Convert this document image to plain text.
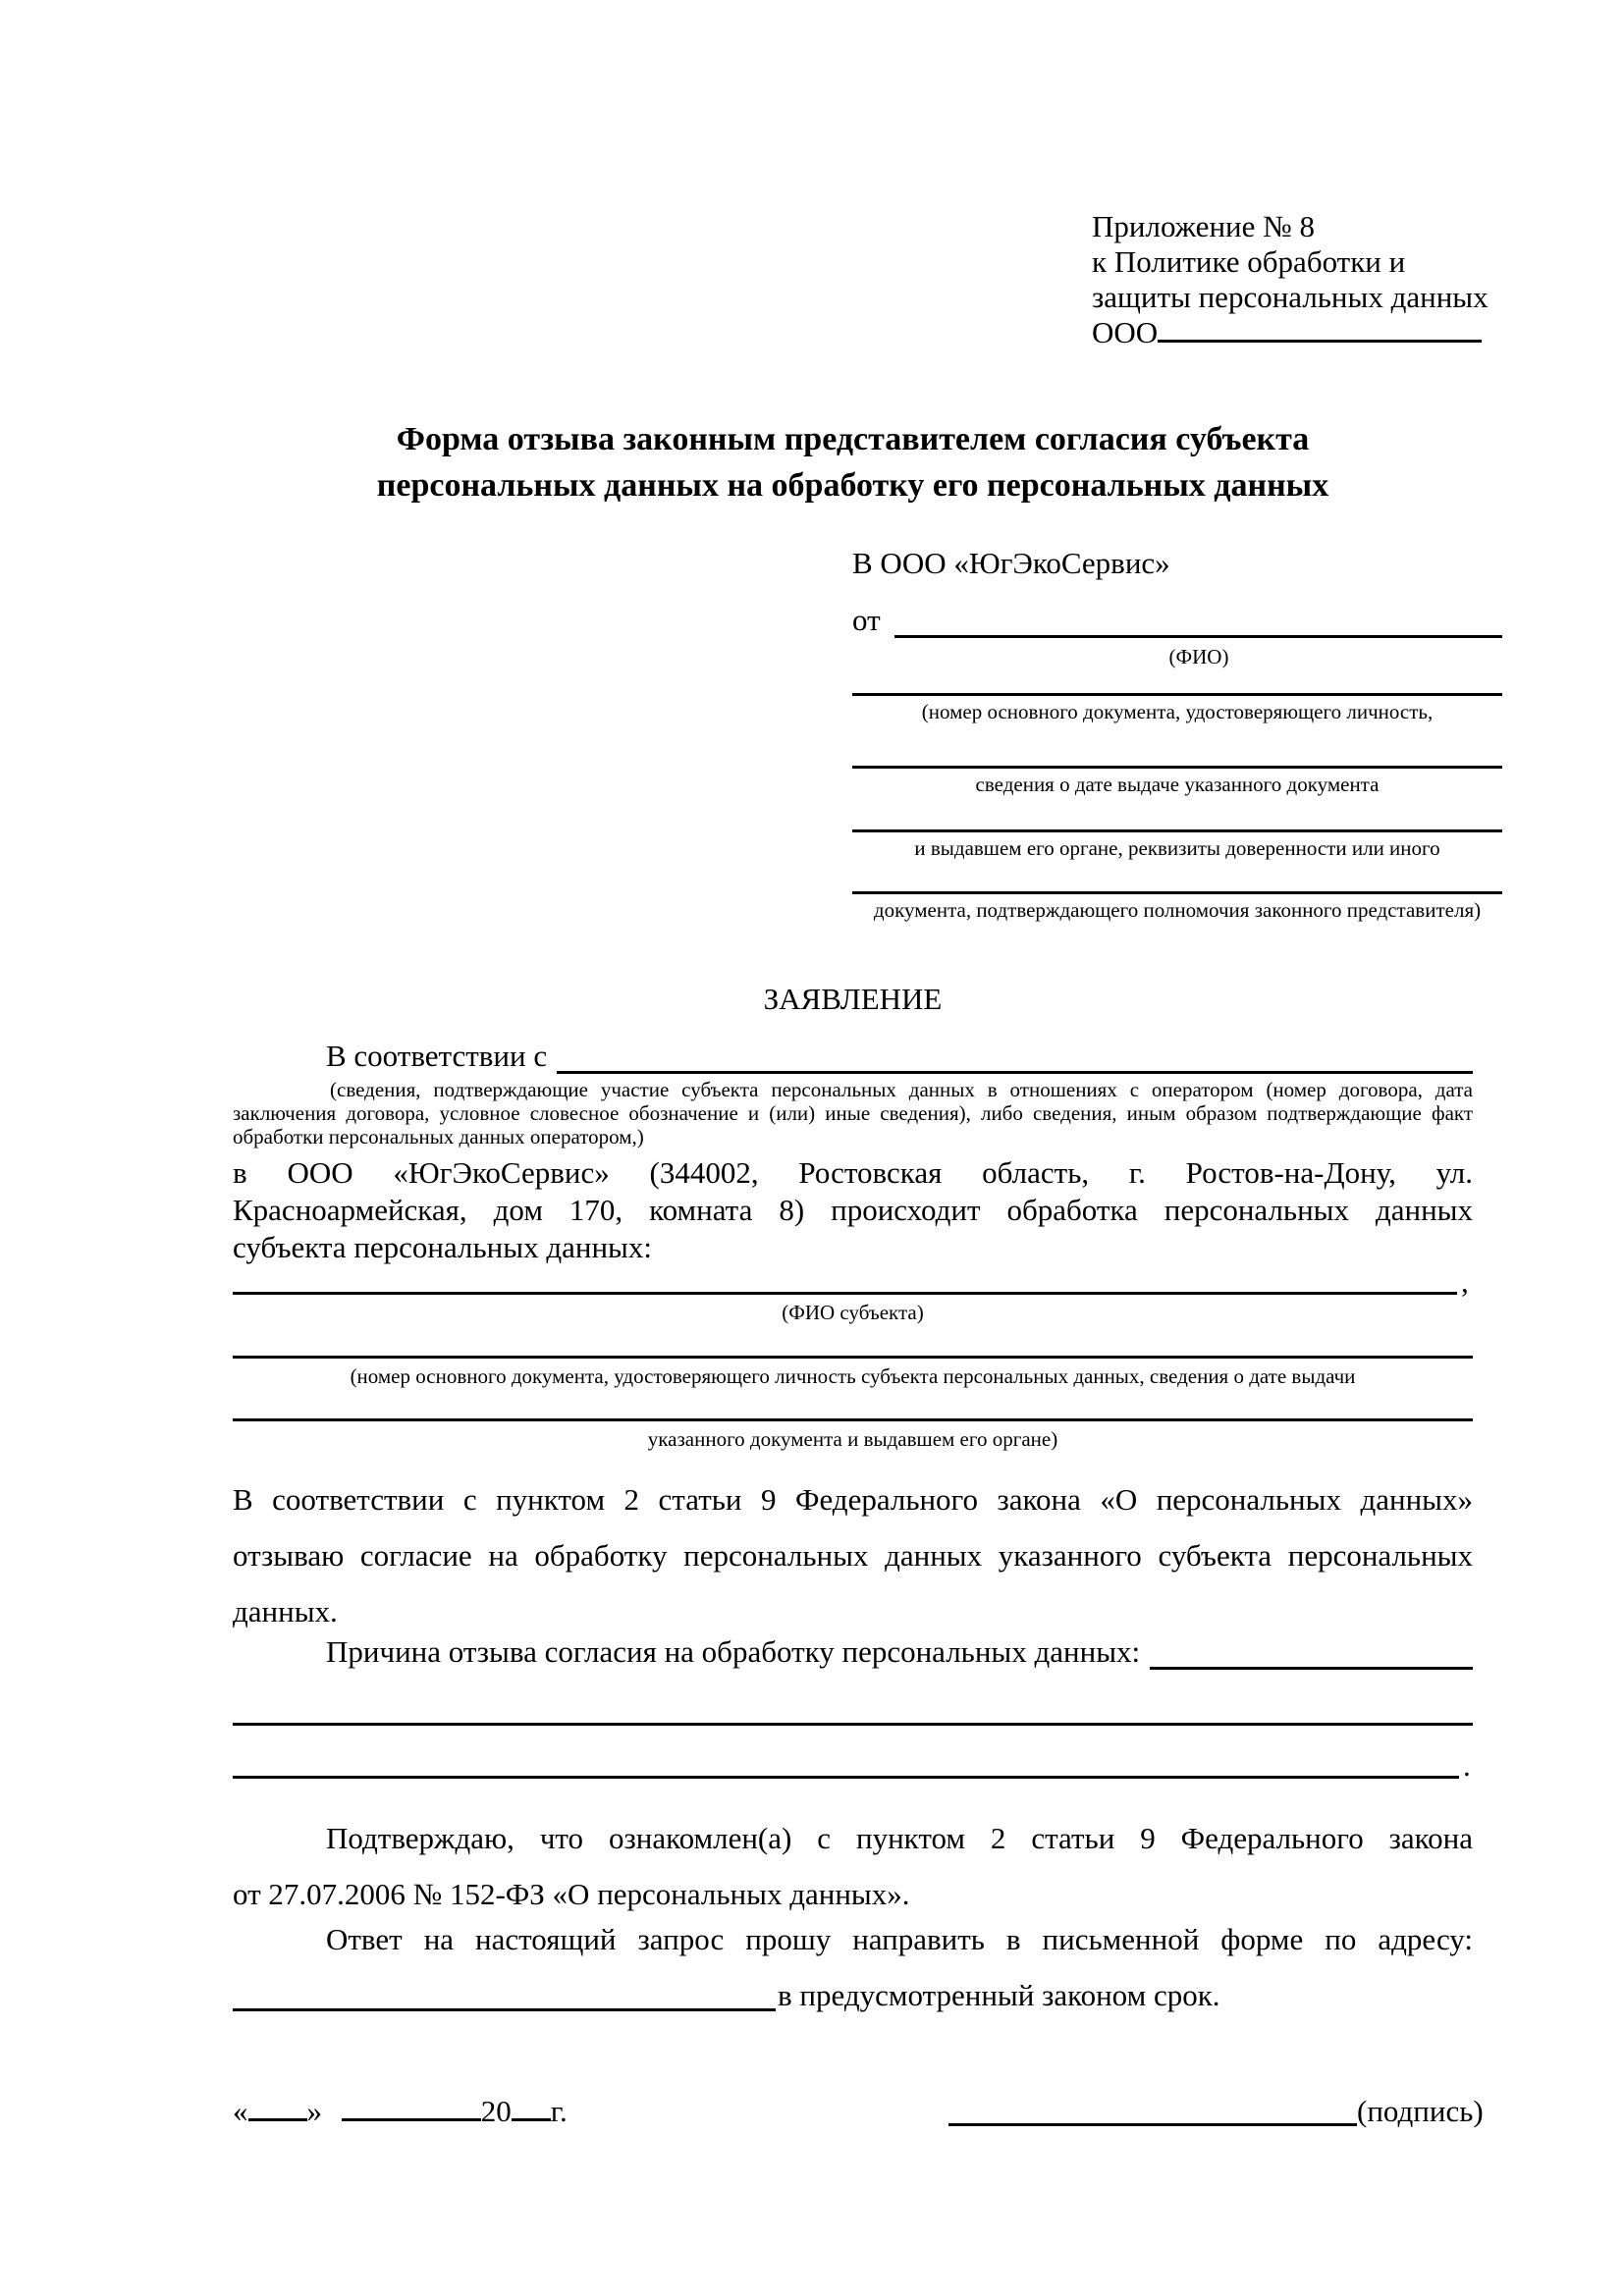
Приложение № 8
к Политике обработки и
защиты персональных данных
ООО
Форма отзыва законным представителем согласия субъекта
персональных данных на обработку его персональных данных
В ООО «ЮгЭкоСервис»
от
(ФИО)
(номер основного документа, удостоверяющего личность,
сведения о дате выдаче указанного документа
и выдавшем его органе, реквизиты доверенности или иного
документа, подтверждающего полномочия законного представителя)
ЗАЯВЛЕНИЕ
В соответствии с
(сведения, подтверждающие участие субъекта персональных данных в отношениях с оператором (номер договора, дата
заключения договора, условное словесное обозначение и (или) иные сведения), либо сведения, иным образом подтверждающие факт
обработки персональных данных оператором,)
в ООО «ЮгЭкоСервис» (344002, Ростовская область, г. Ростов-на-Дону, ул.
Красноармейская, дом 170, комната 8) происходит обработка персональных данных
субъекта персональных данных:
,
(ФИО субъекта)
(номер основного документа, удостоверяющего личность субъекта персональных данных, сведения о дате выдачи
указанного документа и выдавшем его органе)
В соответствии с пунктом 2 статьи 9 Федерального закона «О персональных данных»
отзываю согласие на обработку персональных данных указанного субъекта персональных
данных.
Причина отзыва согласия на обработку персональных данных:
.
Подтверждаю, что ознакомлен(а) с пунктом 2 статьи 9 Федерального закона
от 27.07.2006 № 152-ФЗ «О персональных данных».
Ответ на настоящий запрос прошу направить в письменной форме по адресу:
в предусмотренный законом срок.
« »	20 г.	(подпись)
